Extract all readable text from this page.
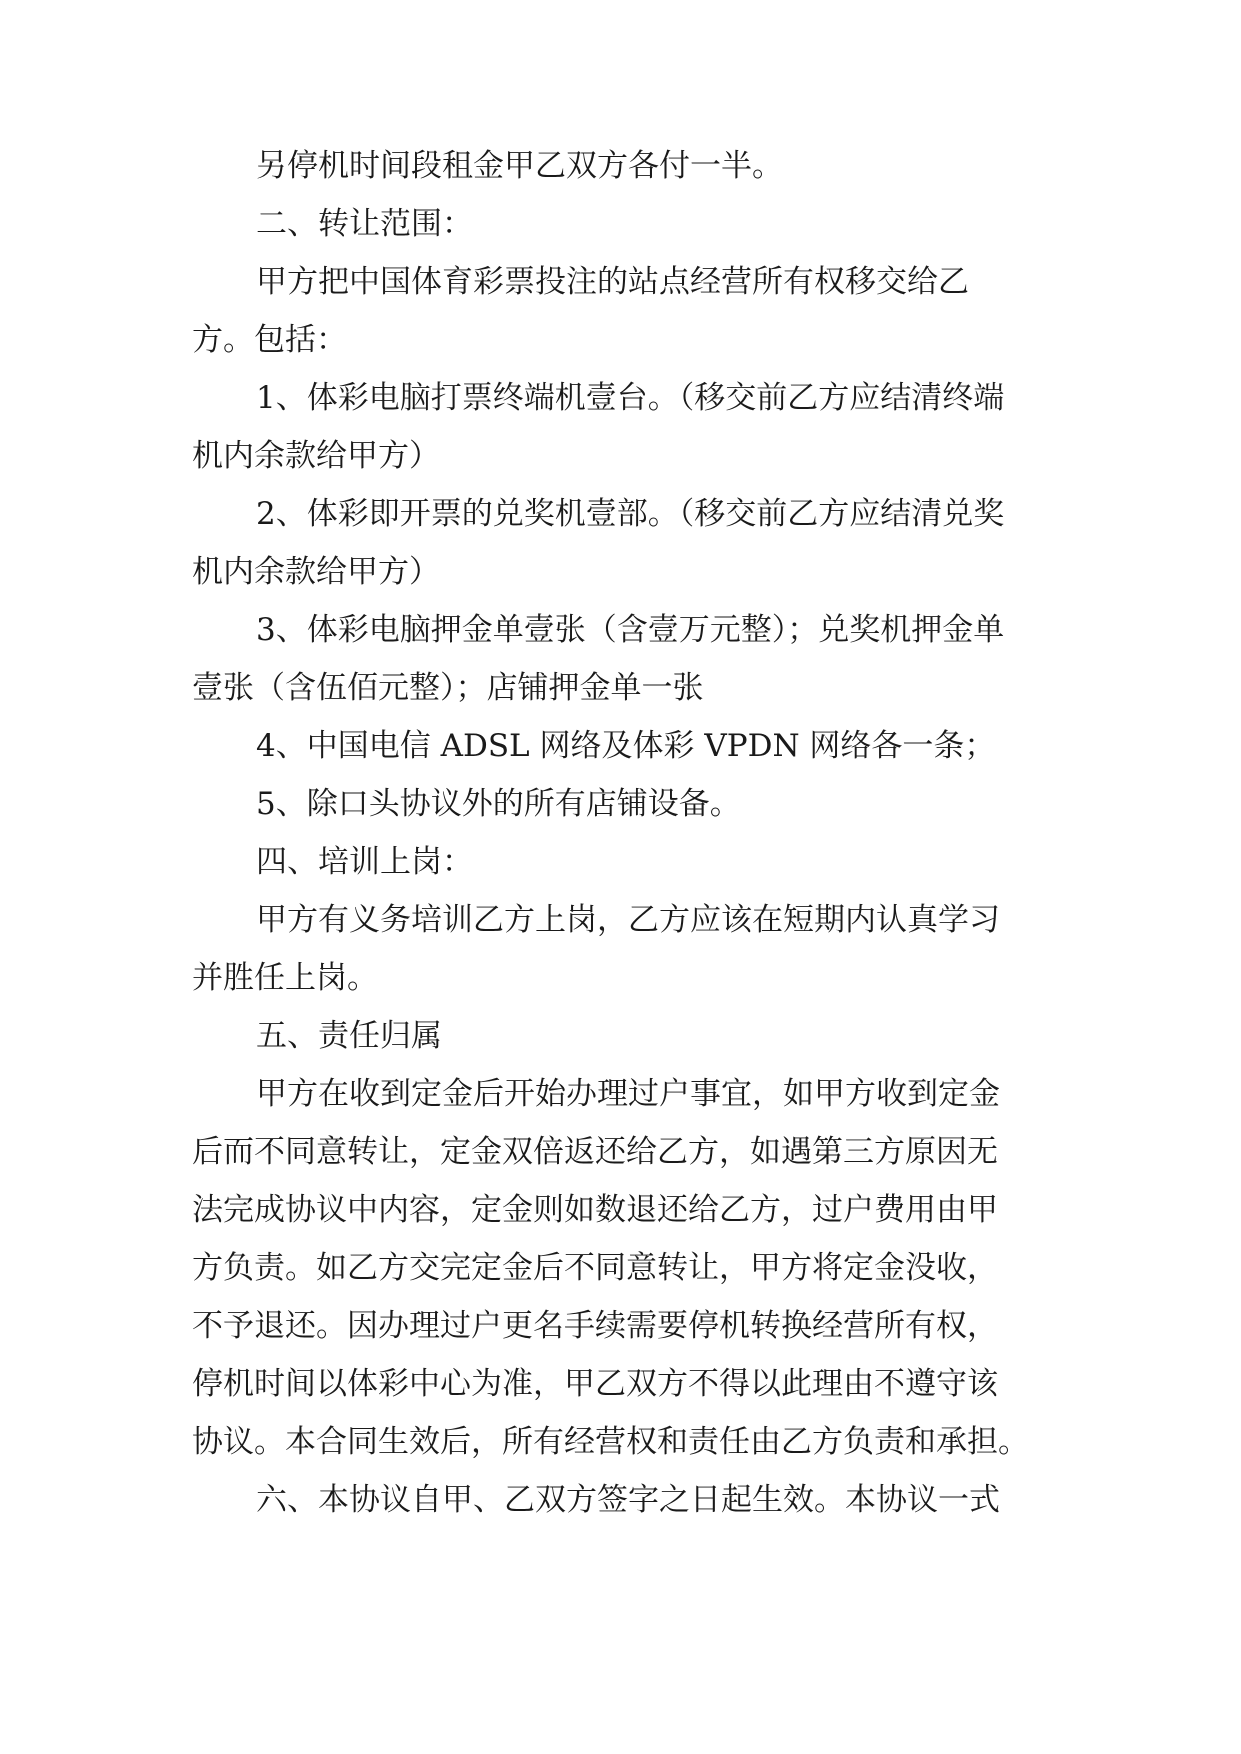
另停机时间段租金甲乙双方各付一半。
二、转让范围：
甲方把中国体育彩票投注的站点经营所有权移交给乙
方。包括：
1、体彩电脑打票终端机壹台。（移交前乙方应结清终端
机内余款给甲方）
2、体彩即开票的兑奖机壹部。（移交前乙方应结清兑奖
机内余款给甲方）
3、体彩电脑押金单壹张（含壹万元整）；兑奖机押金单
壹张（含伍佰元整）；店铺押金单一张
4、中国电信 ADSL 网络及体彩 VPDN 网络各一条；
5、除口头协议外的所有店铺设备。
四、培训上岗：
甲方有义务培训乙方上岗，乙方应该在短期内认真学习
并胜任上岗。
五、责任归属
甲方在收到定金后开始办理过户事宜，如甲方收到定金
后而不同意转让，定金双倍返还给乙方，如遇第三方原因无
法完成协议中内容，定金则如数退还给乙方，过户费用由甲
方负责。如乙方交完定金后不同意转让，甲方将定金没收，
不予退还。因办理过户更名手续需要停机转换经营所有权，
停机时间以体彩中心为准，甲乙双方不得以此理由不遵守该
协议。本合同生效后，所有经营权和责任由乙方负责和承担。
六、本协议自甲、乙双方签字之日起生效。本协议一式
